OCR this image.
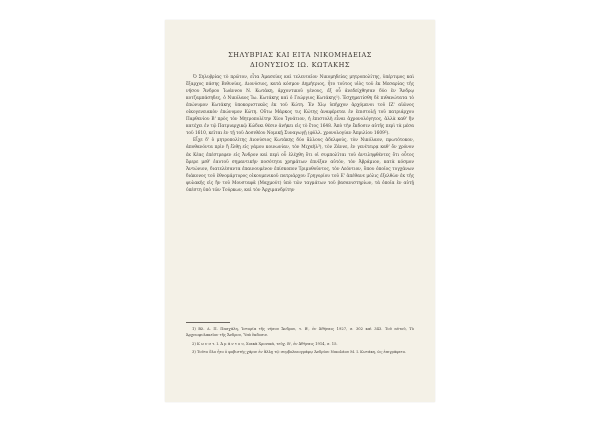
ΣΗΛΥΒΡΙΑΣ ΚΑΙ ΕΙΤΑ ΝΙΚΟΜΗΔΕΙΑΣ
ΔΙΟΝΥΣΙΟΣ ΙΩ. ΚΩΤΑΚΗΣ

Ὁ Σηλυβρίας τὸ πρῶτον, εἶτα Ἀμασείας καὶ τελευταῖον Νικομηδείας μητροπολίτης, ὑπέρτιμος καὶ ἔξαρχος πάσης Βιθυνίας, Διονύσιος, κατὰ κόσμον Δημήτριος, ἦτο τοῦτος υἱὸς τοῦ ἐκ Μεσαρίας τῆς νήσου Ἄνδρου Ἰωάννου Ν. Κωτάκη, ἀρχοντικοῦ γένους, ἐξ οὗ ἀνεδείχθησαν δύο ἐν Ἄνδρῳ κοτζαμπάσηδες, ὁ Νικόλαος Ἰω. Κωτάκης καὶ ὁ Γεώργιος Κωτάκης¹). Ἐσχηματίσθη δὲ πιθανώτατα τὸ ἐπώνυμον Κωτάκης ὑποκοριστικῶς ἐκ τοῦ Κώτη. Ἐν Χίῳ ὑπῆρχον ἀρχόμενοι τοῦ ΙΖ' αἰῶνος οἰκογενειακὸν ἐπώνυμον Κώτη. Οὕτω Μάρκος τις Κώτης ἀναφέρεται ἐν ἐπιστολῇ τοῦ πατριάρχου Παρθενίου Β' πρὸς τὸν Μητροπολίτην Χίου Ἰγνάτιον, ἡ ἐπιστολὴ εἶναι ἀχρονολόγητος, ἀλλὰ καθ' ἣν κατέχει ἐν τῷ Πατριαρχικῷ Κώδικι θέσιν ἀνήκει εἰς τὸ ἔτος 1648. Ἀπὸ τὴν ἔκδοσιν αὐτῆς περὶ τὰ μέσα τοῦ 1610, κεῖται ἐν τῇ τοῦ Δοσιθέου Νομικῇ Συναγωγῇ (φύλλ. χρονολογίαν Ἀπριλίου 1609²).

Εἶχε δ' ὁ μητροπολίτης Διονύσιος Κωτάκης δύο ἄλλους ἀδελφούς, τὸν Νικόλαον, πρωτότοκον, ἀποθανόντα πρὶν ἢ ἔλθῃ εἰς γάμου κοινωνίαν, τὸν Μιχαὴλ³), τὸν Ζάννε, ἐν γενέτειρᾳ καθ' ὃν χρόνον ἐκ Κέας ἐπέστρεφεν εἰς Ἄνδρον καὶ περὶ οὗ ἐλέχθη ὅτι οἱ συμπολῖται τοῦ ἀντιληφθέντες ὅτι οὗτος ἔφερε μεθ' ἑαυτοῦ σημαντικὴν ποσότητα χρημάτων ἐπνίξαν αὐτόν, τὸν Ἀβράμιον, κατὰ κόσμον Ἀντώνιον, διατελέσαντα ἐπαινουμένον ἐπίσκοπον Τριμυθοῦντος, τὸν Λεόντιον, ὅπου ὁποῖος τυγχάνων διάκονος τοῦ ἐθνομάρτυρος οἰκουμενικοῦ πατριάρχου Γρηγορίου τοῦ Ε' ἀπέθανε μόλις ἐξελθὼν ἐκ τῆς φυλακῆς εἰς ἣν τοῦ Μουσταφᾶ (Μαχμούτ) ὑπὸ τῶν ταγμάτων τοῦ βασανιστηρίων, τὰ ὁποῖα ἐν αὐτῇ ὑπέστη ὑπὸ τῶν Τούρκων, καὶ τὸν Ἀρχιμανδρίτην

1) Βλ. Δ. Π. Πασχάλη, Ἱστορία τῆς νήσου Ἄνδρου, τ. Β', ἐν Ἀθήναις 1927, σ. 302 καὶ 343. Τοῦ αὐτοῦ, Τὸ Ἀρχειοφυλακεῖον τῆς Ἄνδρου, Ὑπὸ ἔκδοσιν.

2) Κ ω ν σ τ. Ι. Ἀ μ ά ν τ ο υ, Χιακὰ Χρονικά, τεῦχ. Β', ἐν Ἀθήναις 1914, σ. 15.

3) Τοῦτο ὅλο ἦτο ὁ φοβιστὴς χάριν ἐν ἄλλῃ τῷ συμβολαιογράφῳ Ἀνδρίου Νικολάου Μ. Ι. Κωτάκη, ὡς ἐπιγράφετο.
